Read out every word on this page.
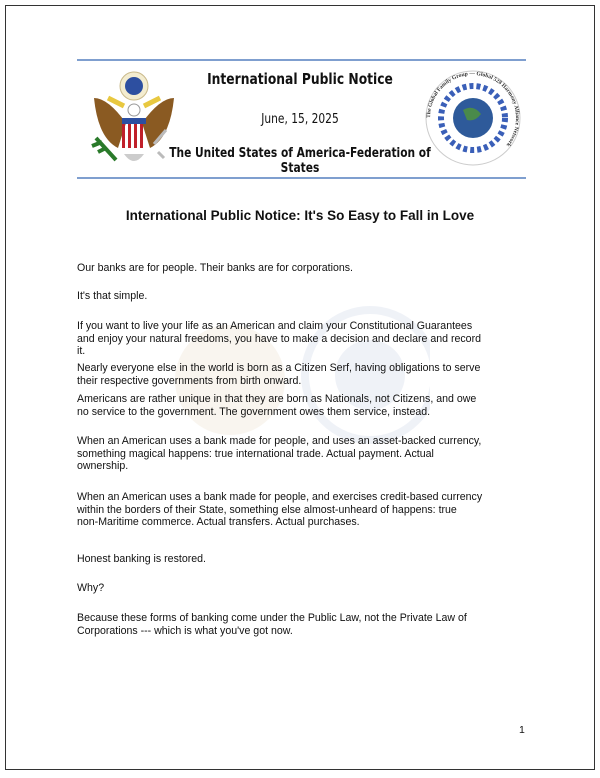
The Global Family Group — Global 528 Harmony Alliance Network
International Public Notice
June, 15, 2025
The United States of America-Federation of States
International Public Notice: It's So Easy to Fall in Love
Our banks are for people. Their banks are for corporations.
It's that simple.
If you want to live your life as an American and claim your Constitutional Guarantees
and enjoy your natural freedoms, you have to make a decision and declare and record
it.
Nearly everyone else in the world is born as a Citizen Serf, having obligations to serve
their respective governments from birth onward.
Americans are rather unique in that they are born as Nationals, not Citizens, and owe
no service to the government. The government owes them service, instead.
When an American uses a bank made for people, and uses an asset-backed currency,
something magical happens: true international trade. Actual payment. Actual
ownership.
When an American uses a bank made for people, and exercises credit-based currency
within the borders of their State, something else almost-unheard of happens: true
non-Maritime commerce. Actual transfers. Actual purchases.
Honest banking is restored.
Why?
Because these forms of banking come under the Public Law, not the Private Law of
Corporations --- which is what you've got now.
1
